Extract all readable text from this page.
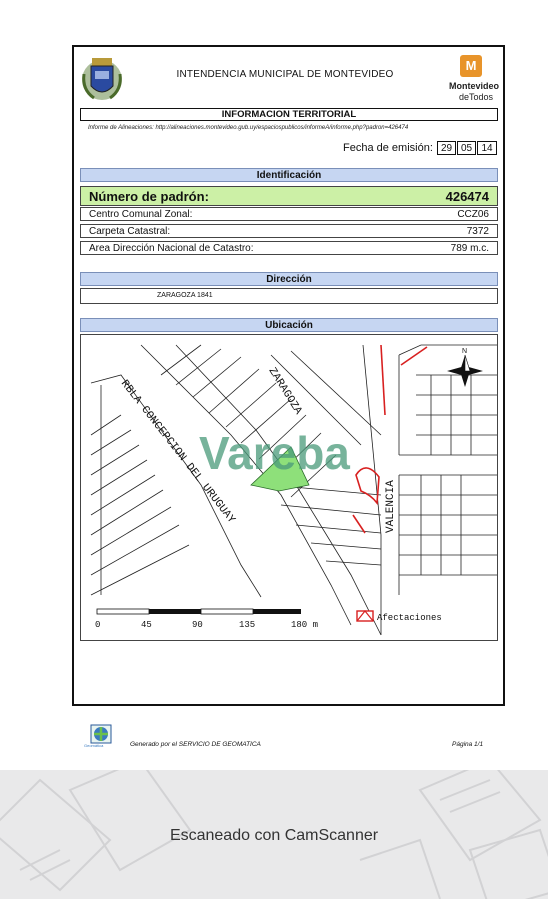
INTENDENCIA MUNICIPAL DE MONTEVIDEO
M
Montevideo
deTodos
INFORMACION TERRITORIAL
Informe de Alineaciones: http://alineaciones.montevideo.gub.uy/espaciospublicos/informeA/informe.php?padron=426474
Fecha de emisión: 29 05 14
Identificación
Número de padrón:	426474
Centro Comunal Zonal:	CCZ06
Carpeta Catastral:	7372
Area Dirección Nacional de Catastro:	789 m.c.
Dirección
ZARAGOZA 1841
Ubicación
RBLA CONCEPCION DEL URUGUAY	ZARAGOZA
VALENCIA
N
Vareba
0	45	90	135	180 m
Afectaciones
Geomática	Generado por el SERVICIO DE GEOMATICA	Página 1/1
Escaneado con CamScanner
